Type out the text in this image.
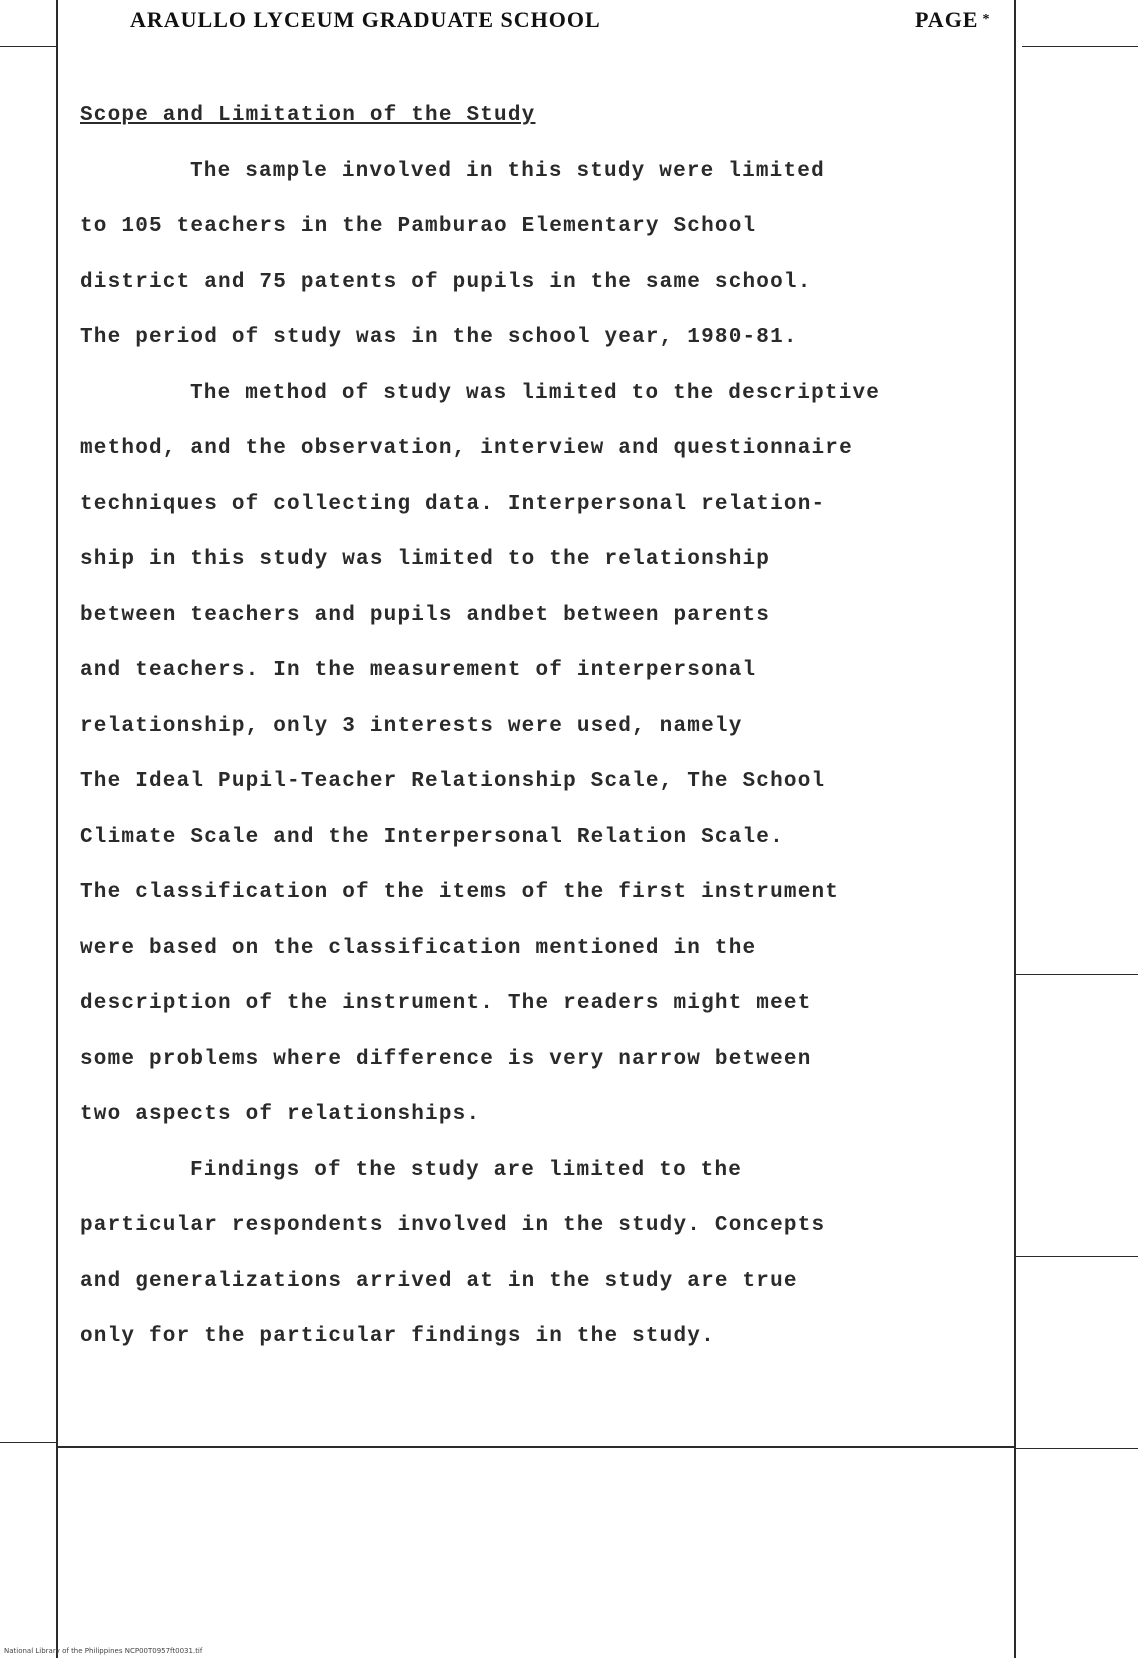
ARAULLO LYCEUM GRADUATE SCHOOL	PAGE *
Scope and Limitation of the Study
The sample involved in this study were limited
to 105 teachers in the Pamburao Elementary School
district and 75 patents of pupils in the same school.
The period of study was in the school year, 1980-81.
The method of study was limited to the descriptive
method, and the observation, interview and questionnaire
techniques of collecting data. Interpersonal relation-
ship in this study was limited to the relationship
between teachers and pupils andbet between parents
and teachers. In the measurement of interpersonal
relationship, only 3 interests were used, namely
The Ideal Pupil-Teacher Relationship Scale, The School
Climate Scale and the Interpersonal Relation Scale.
The classification of the items of the first instrument
were based on the classification mentioned in the
description of the instrument. The readers might meet
some problems where difference is very narrow between
two aspects of relationships.
Findings of the study are limited to the
particular respondents involved in the study. Concepts
and generalizations arrived at in the study are true
only for the particular findings in the study.
National Library of the Philippines NCP00T0957ft0031.tif
